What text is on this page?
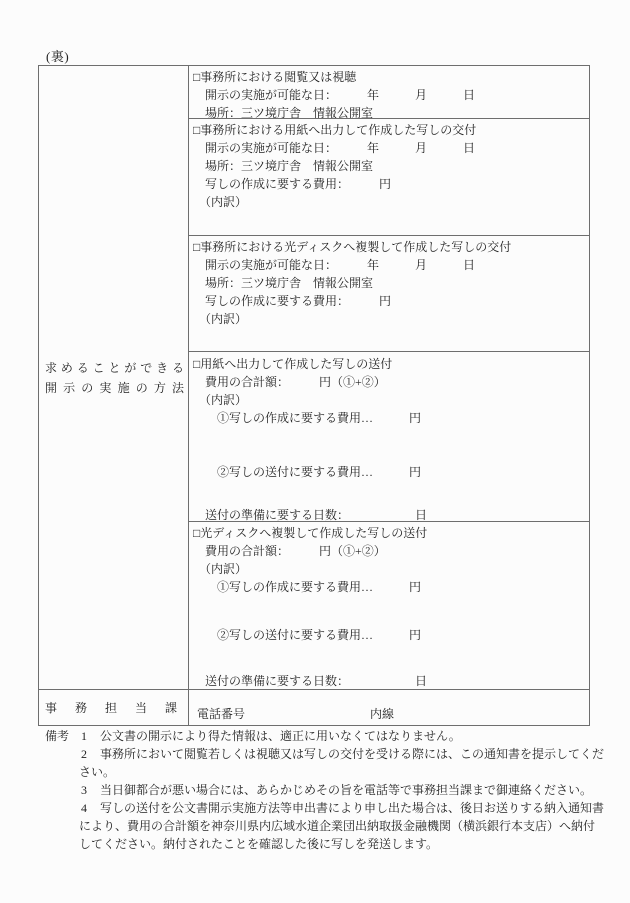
(裏)
求めることができる
開示の実施の方法
□事務所における閲覧又は視聴
　開示の実施が可能な日：　　　年　　　月　　　日
　場所：三ツ境庁舎　情報公開室
□事務所における用紙へ出力して作成した写しの交付
　開示の実施が可能な日：　　　年　　　月　　　日
　場所：三ツ境庁舎　情報公開室
　写しの作成に要する費用：　　　円
　（内訳）
□事務所における光ディスクへ複製して作成した写しの交付
　開示の実施が可能な日：　　　年　　　月　　　日
　場所：三ツ境庁舎　情報公開室
　写しの作成に要する費用：　　　円
　（内訳）
□用紙へ出力して作成した写しの送付
　費用の合計額：　　　円（①+②）
　（内訳）
　　①写しの作成に要する費用…　　　円
　　②写しの送付に要する費用…　　　円
　送付の準備に要する日数：　　　　　　日
□光ディスクへ複製して作成した写しの送付
　費用の合計額：　　　円（①+②）
　（内訳）
　　①写しの作成に要する費用…　　　円
　　②写しの送付に要する費用…　　　円
　送付の準備に要する日数：　　　　　　日
事務担当課 電話番号	内線
備考 1 公文書の開示により得た情報は、適正に用いなくてはなりません。
2 事務所において閲覧若しくは視聴又は写しの交付を受ける際には、この通知書を提示してくだ
さい。
3 当日御都合が悪い場合には、あらかじめその旨を電話等で事務担当課まで御連絡ください。
4 写しの送付を公文書開示実施方法等申出書により申し出た場合は、後日お送りする納入通知書
により、費用の合計額を神奈川県内広域水道企業団出納取扱金融機関（横浜銀行本支店）へ納付
してください。納付されたことを確認した後に写しを発送します。
